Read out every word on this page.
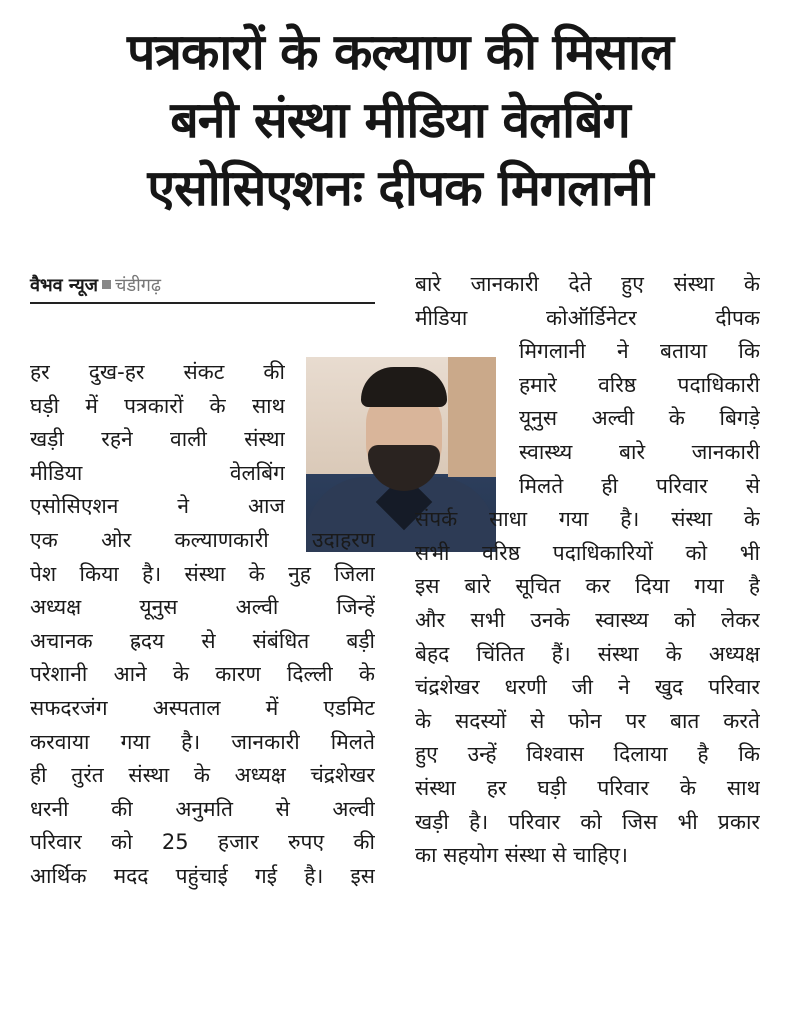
पत्रकारों के कल्याण की मिसाल
बनी संस्था मीडिया वेलबिंग
एसोसिएशनः दीपक मिगलानी
वैभव न्यूज चंडीगढ़
हर दुख-हर संकट की
घड़ी में पत्रकारों के साथ
खड़ी रहने वाली संस्था
मीडिया वेलबिंग
एसोसिएशन ने आज
एक ओर कल्याणकारी उदाहरण
पेश किया है। संस्था के नुह जिला
अध्यक्ष यूनुस अल्वी जिन्हें
अचानक ह्रदय से संबंधित बड़ी
परेशानी आने के कारण दिल्ली के
सफदरजंग अस्पताल में एडमिट
करवाया गया है। जानकारी मिलते
ही तुरंत संस्था के अध्यक्ष चंद्रशेखर
धरनी की अनुमति से अल्वी
परिवार को 25 हजार रुपए की
आर्थिक मदद पहुंचाई गई है। इस
बारे जानकारी देते हुए संस्था के
मीडिया कोऑर्डिनेटर दीपक
मिगलानी ने बताया कि
हमारे वरिष्ठ पदाधिकारी
यूनुस अल्वी के बिगड़े
स्वास्थ्य बारे जानकारी
मिलते ही परिवार से
संपर्क साधा गया है। संस्था के
सभी वरिष्ठ पदाधिकारियों को भी
इस बारे सूचित कर दिया गया है
और सभी उनके स्वास्थ्य को लेकर
बेहद चिंतित हैं। संस्था के अध्यक्ष
चंद्रशेखर धरणी जी ने खुद परिवार
के सदस्यों से फोन पर बात करते
हुए उन्हें विश्वास दिलाया है कि
संस्था हर घड़ी परिवार के साथ
खड़ी है। परिवार को जिस भी प्रकार
का सहयोग संस्था से चाहिए।
